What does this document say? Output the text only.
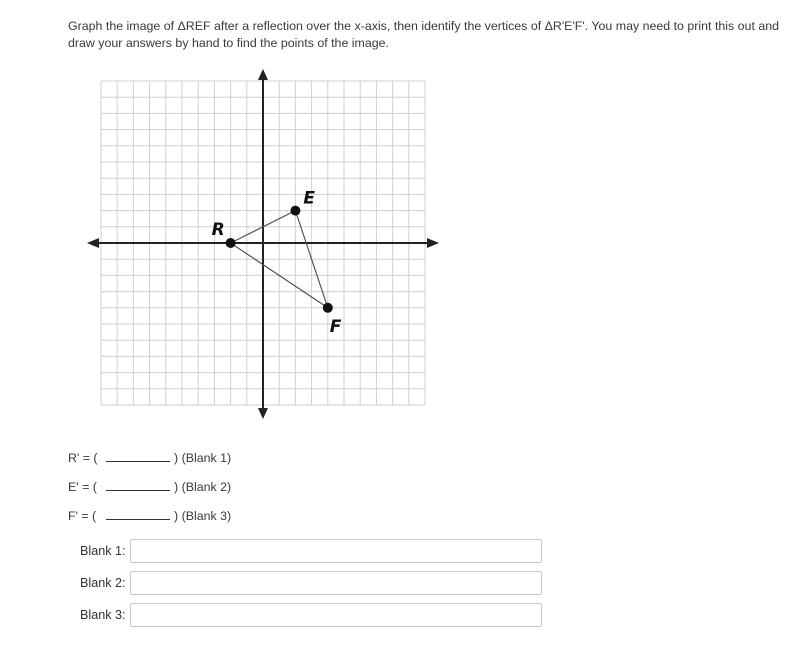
Graph the image of ΔREF after a reflection over the x-axis, then identify the vertices of ΔR'E'F'. You may need to print this out and draw your answers by hand to find the points of the image.
R
E
F
R' = (	) (Blank 1)
E' = (	) (Blank 2)
F' = (	) (Blank 3)
Blank 1:
Blank 2:
Blank 3:
